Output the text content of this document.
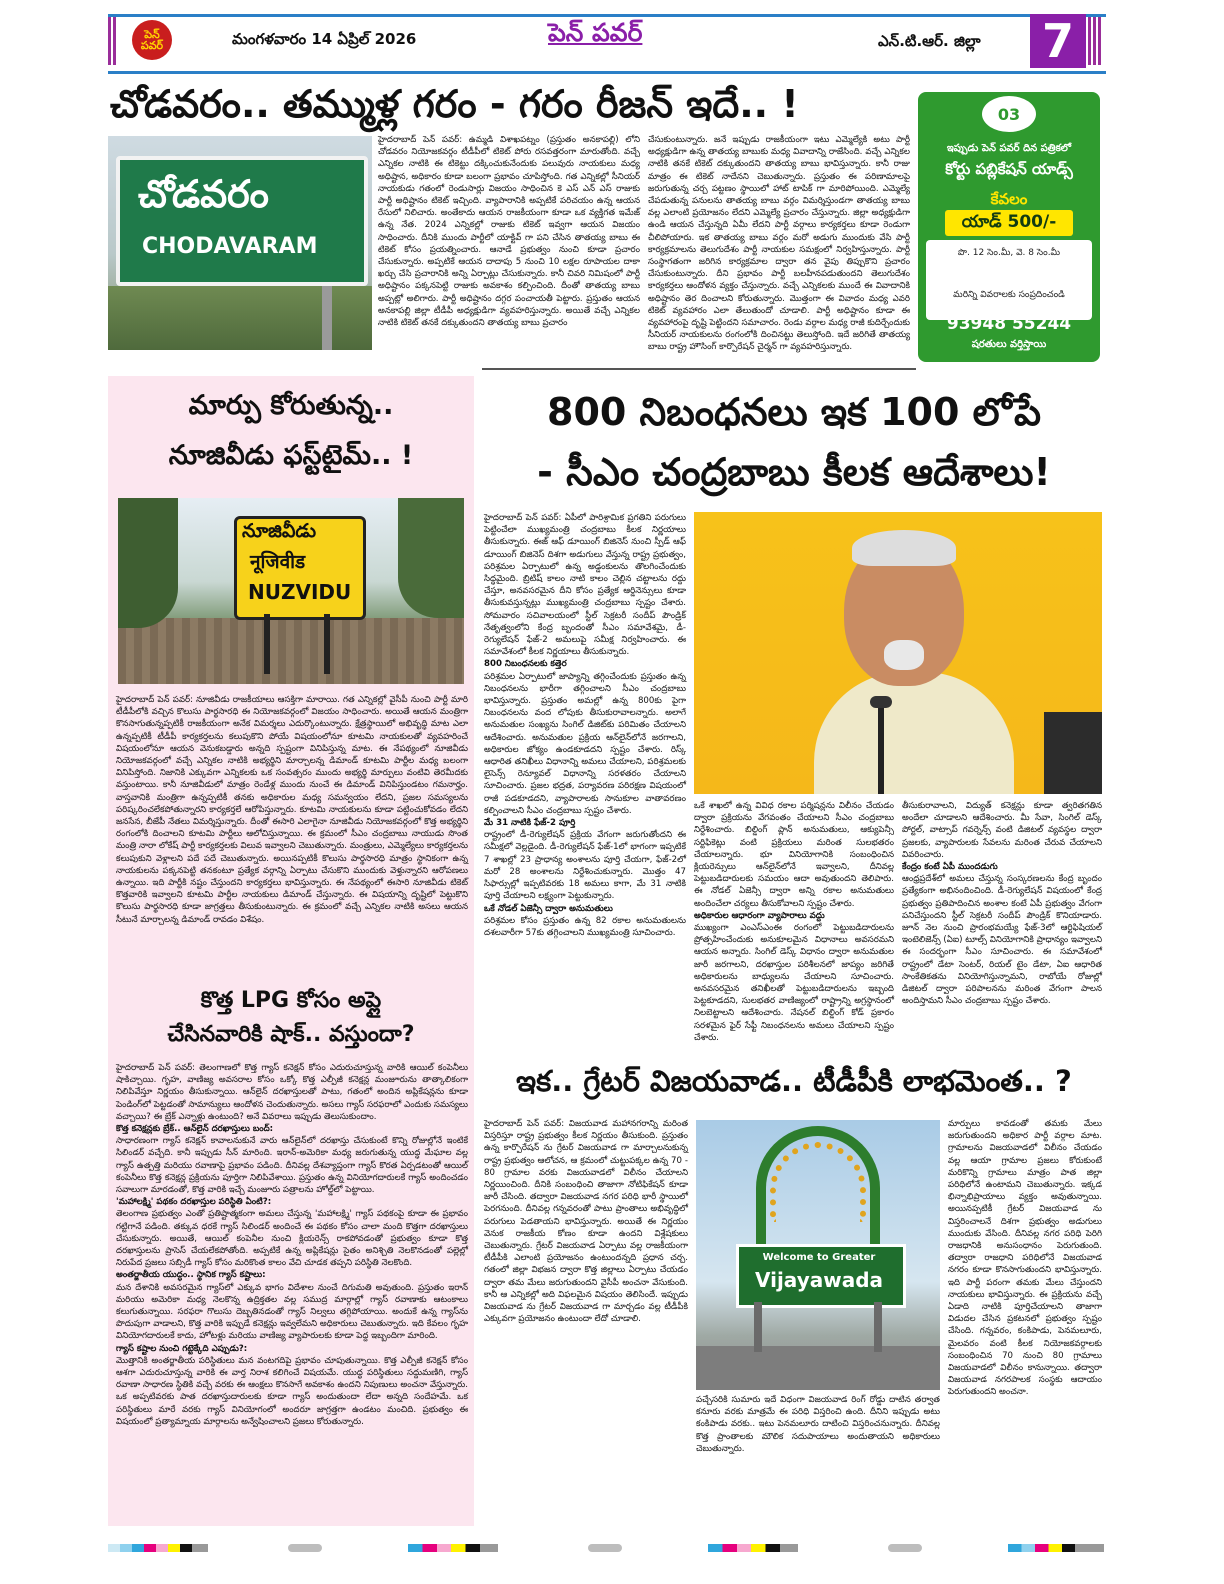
పెన్ పవర్	మంగళవారం 14 ఏప్రిల్ 2026	పెన్ పవర్	ఎన్.టి.ఆర్. జిల్లా 7
చోడవరం.. తమ్ముళ్ల గరం - గరం రీజన్ ఇదే.. !
చోడవరం
CHODAVARAM
హైదరాబాద్ పెన్ పవర్: ఉమ్మడి విశాఖపట్నం (ప్రస్తుతం అనకాపల్లి) లోని చోడవరం నియోజకవర్గం టీడీపీలో టికెట్ పోరు రసవత్తరంగా మారుతోంది. వచ్చే ఎన్నికల నాటికి ఈ టికెట్టు దక్కించుకునేందుకు పలువురు నాయకులు మధ్య అధిష్టాన, అధికారం కూడా బలంగా ప్రభావం చూపిస్తోంది. గత ఎన్నికల్లో సీనియర్ నాయకుడు గతంలో రెండుసార్లు విజయం సాధించిన కె ఎస్ ఎన్ ఎస్ రాజుకు పార్టీ అధిష్టానం టికెట్ ఇచ్చింది. వ్యాపారానికి అప్పటికే పరిచయం ఉన్న ఆయన రేసులో నిలిచారు. అంతేకాదు ఆయన రాజకీయంగా కూడా ఒక వ్యక్తిగత ఇమేజ్ ఉన్న నేత. 2024 ఎన్నికల్లో రాజుకు టికెట్ ఇవ్వగా ఆయన విజయం సాధించారు. దీనికి ముందు పార్టీలో యాక్టివ్ గా పని చేసిన తాతయ్య బాబు ఈ టికెట్ కోసం ప్రయత్నించారు. ఆనాడే ప్రభుత్వం నుంచి కూడా ప్రచారం చేసుకున్నారు. అప్పటికే ఆయన దాదాపు 5 నుంచి 10 లక్షల రూపాయల దాకా ఖర్చు చేసి ప్రచారానికి అన్ని ఏర్పాట్లు చేసుకున్నారు. కానీ చివరి నిమిషంలో పార్టీ అధిష్టానం పక్కనపెట్టి రాజుకు అవకాశం కల్పించింది. దీంతో తాతయ్య బాబు అప్పట్లో అలిగారు. పార్టీ అధిష్టానం దగ్గర పంచాయతీ పెట్టారు. ప్రస్తుతం ఆయన అనకాపల్లి జిల్లా టీడీపీ అధ్యక్షుడిగా వ్యవహరిస్తున్నారు. అయితే వచ్చే ఎన్నికల నాటికి టికెట్ తనకే దక్కుతుందని తాతయ్య బాబు ప్రచారం
చేసుకుంటున్నారు. జనే ఇప్పుడు రాజకీయంగా ఇటు ఎమ్మెల్యేకి అటు పార్టీ అధ్యక్షుడిగా ఉన్న తాతయ్య బాబుకు మధ్య వివాదాన్ని రాజేసింది. వచ్చే ఎన్నికల నాటికి తనకే టికెట్ దక్కుతుందని తాతయ్య బాబు భావిస్తున్నారు. కానీ రాజు మాత్రం ఈ టికెట్ నాదేనని చెబుతున్నారు. ప్రస్తుతం ఈ పరిణామాలపై జరుగుతున్న చర్చ పట్టణం స్థాయిలో హాట్ టాపిక్ గా మారిపోయింది. ఎమ్మెల్యే చేపడుతున్న పనులను తాతయ్య బాబు వర్గం విమర్శిస్తుండగా తాతయ్య బాబు వల్ల ఎలాంటి ప్రయోజనం లేదని ఎమ్మెల్యే ప్రచారం చేస్తున్నారు. జిల్లా అధ్యక్షుడిగా ఉండి ఆయన చేస్తున్నది ఏమీ లేదని పార్టీ వర్గాలు కార్యకర్తలు కూడా రెండుగా చీలిపోయారు. ఇక తాతయ్య బాబు వర్గం మరో అడుగు ముందుకు వేసి పార్టీ కార్యక్రమాలను తెలుగుదేశం పార్టీ నాయకుల సమక్షంలో నిర్వహిస్తున్నారు. పార్టీ సంస్థాగతంగా జరిగిన కార్యక్రమాల ద్వారా తన వైపు తిప్పుకొని ప్రచారం చేసుకుంటున్నారు. దీని ప్రభావం పార్టీ బలహీనపడుతుందని తెలుగుదేశం కార్యకర్తలు ఆందోళన వ్యక్తం చేస్తున్నారు. వచ్చే ఎన్నికలకు ముందే ఈ వివాదానికి అధిష్టానం తెర దించాలని కోరుతున్నారు. మొత్తంగా ఈ వివాదం మధ్య ఎవరి టికెట్ వ్యవహారం ఎలా తేలుతుందో చూడాలి. పార్టీ అధిష్టానం కూడా ఈ వ్యవహారంపై దృష్టి పెట్టిందని సమాచారం. రెండు వర్గాల మధ్య రాజీ కుదిర్చేందుకు సీనియర్ నాయకులను రంగంలోకి దించినట్టు తెలుస్తోంది. ఇదే జరిగితే తాతయ్య బాబు రాష్ట్ర హౌసింగ్ కార్పొరేషన్ చైర్మన్ గా వ్యవహరిస్తున్నారు.
03
ఇప్పుడు పెన్ పవర్ దిన పత్రికలో
కోర్టు పబ్లికేషన్ యాడ్స్
కేవలం
యాడ్ 500/-
పొ. 12 సెం.మీ, వె. 8 సెం.మీ
మరిన్ని వివరాలకు సంప్రదించండి
93948 55244
షరతులు వర్తిస్తాయి
మార్పు కోరుతున్న..
నూజివీడు ఫస్ట్‌టైమ్.. !
నూజివీడు
नूजिवीड
NUZVIDU
హైదరాబాద్ పెన్ పవర్: నూజివీడు రాజకీయాలు ఆసక్తిగా మారాయి. గత ఎన్నికల్లో వైసీపీ నుంచి పార్టీ మారి టీడీపీలోకి వచ్చిన కొలుసు పార్థసారధి ఈ నియోజకవర్గంలో విజయం సాధించారు. అయితే ఆయన మంత్రిగా కొనసాగుతున్నప్పటికీ రాజకీయంగా అనేక విమర్శలు ఎదుర్కొంటున్నారు. క్షేత్రస్థాయిలో అభివృద్ధి మాట ఎలా ఉన్నప్పటికీ టీడీపీ కార్యకర్తలను కలుపుకొని పోయే విషయంలోనూ కూటమి నాయకులతో వ్యవహరించే విషయంలోనూ ఆయన వెనుకబడ్డారు అన్నది స్పష్టంగా వినిపిస్తున్న మాట. ఈ నేపథ్యంలో నూజివీడు నియోజకవర్గంలో వచ్చే ఎన్నికల నాటికి అభ్యర్థిని మార్చాలన్న డిమాండ్ కూటమి పార్టీల మధ్య బలంగా వినిపిస్తోంది. నిజానికి ఎక్కువగా ఎన్నికలకు ఒక సంవత్సరం ముందు అభ్యర్థి మార్పులు వంటివి తెరమీదకు వస్తుంటాయి. కానీ నూజివీడులో మాత్రం రెండేళ్ల ముందు నుంచే ఈ డిమాండ్ వినిపిస్తుండటం గమనార్హం. వాస్తవానికి మంత్రిగా ఉన్నప్పటికీ తనకు అధికారుల మధ్య సమన్వయం లేదని, ప్రజల సమస్యలను పరిష్కరించలేకపోతున్నారని కార్యకర్తలే ఆరోపిస్తున్నారు. కూటమి నాయకులను కూడా పట్టించుకోవడం లేదని జనసేన, బీజేపీ నేతలు విమర్శిస్తున్నారు. దీంతో ఈసారి ఎలాగైనా నూజివీడు నియోజకవర్గంలో కొత్త అభ్యర్థిని రంగంలోకి దించాలని కూటమి పార్టీలు ఆలోచిస్తున్నాయి. ఈ క్రమంలో సీఎం చంద్రబాబు నాయుడు సొంత మంత్రి నారా లోకేష్ పార్టీ కార్యకర్తలకు విలువ ఇవ్వాలని చెబుతున్నారు. మంత్రులు, ఎమ్మెల్యేలు కార్యకర్తలను కలుపుకుని వెళ్లాలని పదే పదే చెబుతున్నారు. అయినప్పటికీ కొలుసు పార్థసారధి మాత్రం స్థానికంగా ఉన్న నాయకులను పక్కనపెట్టి తనకంటూ ప్రత్యేక వర్గాన్ని ఏర్పాటు చేసుకొని ముందుకు వెళ్తున్నారని ఆరోపణలు ఉన్నాయి. ఇది పార్టీకి నష్టం చేస్తుందని కార్యకర్తలు భావిస్తున్నారు. ఈ నేపథ్యంలో ఈసారి నూజివీడు టికెట్ కొత్తవారికి ఇవ్వాలని కూటమి పార్టీల నాయకులు డిమాండ్ చేస్తున్నారు. ఈ విషయాన్ని దృష్టిలో పెట్టుకొని కొలుసు పార్థసారధి కూడా జాగ్రత్తలు తీసుకుంటున్నారు. ఈ క్రమంలో వచ్చే ఎన్నికల నాటికి అసలు ఆయన సీటునే మార్చాలన్న డిమాండ్ రావడం విశేషం.
కొత్త LPG కోసం అప్లై
చేసినవారికి షాక్.. వస్తుందా?
హైదరాబాద్ పెన్ పవర్: తెలంగాణలో కొత్త గ్యాస్ కనెక్షన్ కోసం ఎదురుచూస్తున్న వారికి ఆయిల్ కంపెనీలు షాకిచ్చాయి. గృహ, వాణిజ్య అవసరాల కోసం ఒక్కో కొత్త ఎల్పీజీ కనెక్షన్ల మంజూరును తాత్కాలికంగా నిలిపివేస్తూ నిర్ణయం తీసుకున్నాయి. ఆన్‌లైన్ దరఖాస్తులతో పాటు, గతంలో అందిన అప్లికేషన్లను కూడా పెండింగ్‌లో పెట్టడంతో సామాన్యులు ఆందోళన చెందుతున్నారు. అసలు గ్యాస్ సరఫరాలో ఎందుకు సమస్యలు వచ్చాయి? ఈ బ్రేక్ ఎన్నాళ్లు ఉంటుంది? అనే వివరాలు ఇప్పుడు తెలుసుకుందాం.
కొత్త కనెక్షన్లకు బ్రేక్.. ఆన్‌లైన్ దరఖాస్తులు బంద్:
సాధారణంగా గ్యాస్ కనెక్షన్ కావాలనుకునే వారు ఆన్‌లైన్‌లో దరఖాస్తు చేసుకుంటే కొన్ని రోజుల్లోనే ఇంటికే సిలిండర్ వచ్చేది. కానీ ఇప్పుడు సీన్ మారింది. ఇరాన్-అమెరికా మధ్య జరుగుతున్న యుద్ధ మేఘాల వల్ల గ్యాస్ ఉత్పత్తి మరియు రవాణాపై ప్రభావం పడింది. దీనివల్ల దేశవ్యాప్తంగా గ్యాస్ కొరత ఏర్పడటంతో ఆయిల్ కంపెనీలు కొత్త కనెక్షన్ల ప్రక్రియను పూర్తిగా నిలిపివేశాయి. ప్రస్తుతం ఉన్న వినియోగదారులకే గ్యాస్ అందించడం సవాలుగా మారడంతో, కొత్త వారికి ఇచ్చే మంజూరు పత్రాలను హోల్డ్‌లో పెట్టాయి.
'మహాలక్ష్మి' పథకం దరఖాస్తుల పరిస్థితి ఏంటి?:
తెలంగాణ ప్రభుత్వం ఎంతో ప్రతిష్టాత్మకంగా అమలు చేస్తున్న 'మహాలక్ష్మి' గ్యాస్ పథకంపై కూడా ఈ ప్రభావం గట్టిగానే పడింది. తక్కువ ధరకే గ్యాస్ సిలిండర్ అందించే ఈ పథకం కోసం చాలా మంది కొత్తగా దరఖాస్తులు చేసుకున్నారు. అయితే, ఆయిల్ కంపెనీల నుంచి క్లియరెన్స్ రాకపోవడంతో ప్రభుత్వం కూడా కొత్త దరఖాస్తులను ప్రాసెస్ చేయలేకపోతోంది. అప్పటికే ఉన్న అప్లికేషన్లు సైతం అనిశ్చితి నెలకొనడంతో పల్లెల్లో నిరుపేద ప్రజలు సబ్సిడీ గ్యాస్ కోసం మరికొంత కాలం వేచి చూడక తప్పని పరిస్థితి నెలకొంది.
అంతర్జాతీయ యుద్ధం.. స్థానిక గ్యాస్ కష్టాలు:
మన దేశానికి అవసరమైన గ్యాస్‌లో ఎక్కువ భాగం విదేశాల నుంచే దిగుమతి అవుతుంది. ప్రస్తుతం ఇరాన్ మరియు అమెరికా మధ్య నెలకొన్న ఉద్రిక్తతల వల్ల సముద్ర మార్గాల్లో గ్యాస్ రవాణాకు ఆటంకాలు కలుగుతున్నాయి. సరఫరా గొలుసు దెబ్బతినడంతో గ్యాస్ నిల్వలు తగ్గిపోయాయి. అందుకే ఉన్న గ్యాస్‌ను పొదుపుగా వాడాలని, కొత్త వారికి ఇప్పుడే కనెక్షన్లు ఇవ్వలేమని అధికారులు చెబుతున్నారు. ఇది కేవలం గృహ వినియోగదారులకే కాదు, హోటళ్లు మరియు వాణిజ్య వ్యాపారులకు కూడా పెద్ద ఇబ్బందిగా మారింది.
గ్యాస్ కష్టాల నుంచి గట్టెక్కేది ఎప్పుడు?:
మొత్తానికి అంతర్జాతీయ పరిస్థితులు మన వంటగదిపై ప్రభావం చూపుతున్నాయి. కొత్త ఎల్పీజీ కనెక్షన్ కోసం ఆశగా ఎదురుచూస్తున్న వారికి ఈ వార్త నిరాశ కలిగించే విషయమే. యుద్ధ పరిస్థితులు సద్దుమణిగి, గ్యాస్ రవాణా సాధారణ స్థితికి వచ్చే వరకు ఈ ఆంక్షలు కొనసాగే అవకాశం ఉందని నిపుణులు అంచనా వేస్తున్నారు. ఒక అప్పటివరకు పాత దరఖాస్తుదారులకు కూడా గ్యాస్ అందుతుందా లేదా అన్నది సందేహమే. ఒక పరిస్థితులు మారే వరకు గ్యాస్ వినియోగంలో అందరూ జాగ్రత్తగా ఉండటం మంచిది. ప్రభుత్వం ఈ విషయంలో ప్రత్యామ్నాయ మార్గాలను అన్వేషించాలని ప్రజలు కోరుతున్నారు.
800 నిబంధనలు ఇక 100 లోపే
- సీఎం చంద్రబాబు కీలక ఆదేశాలు!
హైదరాబాద్ పెన్ పవర్: ఏపీలో పారిశ్రామిక ప్రగతిని పరుగులు పెట్టించేలా ముఖ్యమంత్రి చంద్రబాబు కీలక నిర్ణయాలు తీసుకున్నారు. ఈజ్ ఆఫ్ డూయింగ్ బిజినెస్ నుంచి స్పీడ్ ఆఫ్ డూయింగ్ బిజినెస్ దిశగా అడుగులు వేస్తున్న రాష్ట్ర ప్రభుత్వం, పరిశ్రమల ఏర్పాటులో ఉన్న అడ్డంకులను తొలగించేందుకు సిద్ధమైంది. బ్రిటిష్ కాలం నాటి కాలం చెల్లిన చట్టాలను రద్దు చేస్తూ, అనవసరమైన దీని కోసం ప్రత్యేక ఆర్డినెన్సులు కూడా తీసుకువస్తున్నట్లు ముఖ్యమంత్రి చంద్రబాబు స్పష్టం చేశారు. సోమవారం సచివాలయంలో స్టీల్ సెక్రటరీ సందీప్ పౌండ్రిక్ నేతృత్వంలోని కేంద్ర బృందంతో సీఎం సమావేశమై, డీ-రెగ్యులేషన్ ఫేజ్-2 అమలుపై సమీక్ష నిర్వహించారు. ఈ సమావేశంలో కీలక నిర్ణయాలు తీసుకున్నారు.
800 నిబంధనలకు కత్తెర
పరిశ్రమల ఏర్పాటులో జాప్యాన్ని తగ్గించేందుకు ప్రస్తుతం ఉన్న నిబంధనలను భారీగా తగ్గించాలని సీఎం చంద్రబాబు భావిస్తున్నారు. ప్రస్తుతం అమల్లో ఉన్న 800కు పైగా నిబంధనలను వంద లోపుకు తీసుకురావాలన్నారు. అలాగే అనుమతుల సంఖ్యను సింగిల్ డిజిట్‌కు పరిమితం చేయాలని ఆదేశించారు. అనుమతుల ప్రక్రియ ఆన్‌లైన్‌లోనే జరగాలని, అధికారుల జోక్యం ఉండకూడదని స్పష్టం చేశారు. రిస్క్ ఆధారిత తనిఖీలు విధానాన్ని అమలు చేయాలని, పరిశ్రమలకు లైసెన్స్ రెన్యూవల్ విధానాన్ని సరళతరం చేయాలని సూచించారు. ప్రజల భద్రత, పర్యావరణ పరిరక్షణ విషయంలో రాజీ పడకూడదని, వ్యాపారాలకు సానుకూల వాతావరణం కల్పించాలని సీఎం చంద్రబాబు స్పష్టం చేశారు.
మే 31 నాటికి ఫేజ్-2 పూర్తి
రాష్ట్రంలో డీ-రెగ్యులేషన్ ప్రక్రియ వేగంగా జరుగుతోందని ఈ సమీక్షలో వెల్లడైంది. డీ-రెగ్యులేషన్ ఫేజ్-1లో భాగంగా ఇప్పటికే 7 శాఖల్లో 23 ప్రాధాన్య అంశాలను పూర్తి చేయగా, ఫేజ్-2లో మరో 28 అంశాలను నిర్దేశించుకున్నారు. మొత్తం 47 సిఫార్సుల్లో ఇప్పటివరకు 18 అమలు కాగా, మే 31 నాటికి పూర్తి చేయాలని లక్ష్యంగా పెట్టుకున్నారు.
ఒకే నోడల్ ఏజెన్సీ ద్వారా అనుమతులు
పరిశ్రమల కోసం ప్రస్తుతం ఉన్న 82 రకాల అనుమతులను దశలవారీగా 57కు తగ్గించాలని ముఖ్యమంత్రి సూచించారు.
ఒకే శాఖలో ఉన్న వివిధ రకాల పర్మిషన్లను విలీనం చేయడం ద్వారా ప్రక్రియను వేగవంతం చేయాలని సీఎం చంద్రబాబు నిర్దేశించారు. బిల్డింగ్ ప్లాన్ అనుమతులు, ఆక్యుపెన్సీ సర్టిఫికెట్లు వంటి ప్రక్రియలు మరింత సులభతరం చేయాలన్నారు. భూ వినియోగానికి సంబంధించిన క్లియరెన్సులు ఆన్‌లైన్‌లోనే ఇవ్వాలని, దీనివల్ల పెట్టుబడిదారులకు సమయం ఆదా అవుతుందని తెలిపారు. ఈ నోడల్ ఏజెన్సీ ద్వారా అన్ని రకాల అనుమతులు అందించేలా చర్యలు తీసుకోవాలని స్పష్టం చేశారు.
అధికారుల ఆధారంగా వ్యాపారాలు వద్దు
ముఖ్యంగా ఎంఎస్ఎంఈ రంగంలో పెట్టుబడిదారులను ప్రోత్సహించేందుకు అనుకూలమైన విధానాలు అవసరమని ఆయన అన్నారు. సింగిల్ డెస్క్ విధానం ద్వారా అనుమతుల జారీ జరగాలని, దరఖాస్తుల పరిశీలనలో జాప్యం జరిగితే అధికారులను బాధ్యులను చేయాలని సూచించారు. అనవసరమైన తనిఖీలతో పెట్టుబడిదారులను ఇబ్బంది పెట్టకూడదని, సులభతర వాణిజ్యంలో రాష్ట్రాన్ని అగ్రస్థానంలో నిలబెట్టాలని ఆదేశించారు. నేషనల్ బిల్డింగ్ కోడ్ ప్రకారం సరళమైన ఫైర్ సేఫ్టీ నిబంధనలను అమలు చేయాలని స్పష్టం చేశారు.
తీసుకురావాలని, విద్యుత్ కనెక్షన్లు కూడా త్వరితగతిన అందేలా చూడాలని ఆదేశించారు. మీ సేవా, సింగిల్ డెస్క్ పోర్టల్, వాట్సాప్ గవర్నెన్స్ వంటి డిజిటల్ వ్యవస్థల ద్వారా ప్రజలకు, వ్యాపారులకు సేవలను మరింత చేరువ చేయాలని వివరించారు.
కేంద్రం కంటే ఏపీ ముందడుగు
ఆంధ్రప్రదేశ్‌లో అమలు చేస్తున్న సంస్కరణలను కేంద్ర బృందం ప్రత్యేకంగా అభినందించింది. డీ-రెగ్యులేషన్ విషయంలో కేంద్ర ప్రభుత్వం ప్రతిపాదించిన అంశాల కంటే ఏపీ ప్రభుత్వం వేగంగా పనిచేస్తుందని స్టీల్ సెక్రటరీ సందీప్ పౌండ్రిక్ కొనియాడారు. జూన్ నెల నుంచి ప్రారంభమయ్యే ఫేజ్-3లో ఆర్టిఫిషియల్ ఇంటెలిజెన్స్ (ఏఐ) టూల్స్ వినియోగానికి ప్రాధాన్యం ఇవ్వాలని ఈ సందర్భంగా సీఎం సూచించారు. ఈ సమావేశంలో రాష్ట్రంలో డేటా సెంటర్, రియల్ టైం డేటా, ఏఐ ఆధారిత సాంకేతికతను వినియోగిస్తున్నామని, రాబోయే రోజుల్లో డిజిటల్ ద్వారా పరిపాలనను మరింత వేగంగా పాలన అందిస్తామని సీఎం చంద్రబాబు స్పష్టం చేశారు.
ఇక.. గ్రేటర్ విజయవాడ.. టీడీపీకి లాభమెంత.. ?
హైదరాబాద్ పెన్ పవర్: విజయవాడ మహానగరాన్ని మరింత విస్తరిస్తూ రాష్ట్ర ప్రభుత్వం కీలక నిర్ణయం తీసుకుంది. ప్రస్తుతం ఉన్న కార్పొరేషన్ ను గ్రేటర్ విజయవాడ గా మార్చాలనుకున్న రాష్ట్ర ప్రభుత్వం ఆలోచన, ఆ క్రమంలో చుట్టుపక్కల ఉన్న 70 - 80 గ్రామాల వరకు విజయవాడలో విలీనం చేయాలని నిర్ణయించింది. దీనికి సంబంధించి తాజాగా నోటిఫికేషన్ కూడా జారీ చేసింది. తద్వారా విజయవాడ నగర పరిధి భారీ స్థాయిలో పెరగనుంది. దీనివల్ల గన్నవరంతో పాటు ప్రాంతాలు అభివృద్ధిలో పరుగులు పెడతాయని భావిస్తున్నారు. అయితే ఈ నిర్ణయం వెనుక రాజకీయ కోణం కూడా ఉందని విశ్లేషకులు చెబుతున్నారు. గ్రేటర్ విజయవాడ ఏర్పాటు వల్ల రాజకీయంగా టీడీపీకి ఎలాంటి ప్రయోజనం ఉంటుందన్నది ప్రధాన చర్చ. గతంలో జిల్లా విభజన ద్వారా కొత్త జిల్లాలు ఏర్పాటు చేయడం ద్వారా తమ మేలు జరుగుతుందని వైసీపీ అంచనా వేసుకుంది. కానీ ఆ ఎన్నికల్లో అది విఫలమైన విషయం తెలిసిందే. ఇప్పుడు విజయవాడ ను గ్రేటర్ విజయవాడ గా మార్చడం వల్ల టీడీపీకి ఎక్కువగా ప్రయోజనం ఉంటుందా లేదో చూడాలి.
Welcome to Greater
Vijayawada
పచ్చేసరికి సుమారు ఇదే విధంగా విజయవాడ రింగ్ రోడ్డు దాటిన తర్వాత కనూరు వరకు మాత్రమే ఈ పరిధి విస్తరించి ఉంది. దీనిని ఇప్పుడు అటు కంకిపాడు వరకు.. ఇటు పెనమలూరు దాటించి విస్తరించనున్నారు. దీనివల్ల కొత్త ప్రాంతాలకు మౌలిక సదుపాయాలు అందుతాయని అధికారులు చెబుతున్నారు.
మార్పులు కావడంతో తమకు మేలు జరుగుతుందని అధికార పార్టీ వర్గాల మాట. గ్రామాలను విజయవాడలో విలీనం చేయడం వల్ల ఆయా గ్రామాల ప్రజలు కోరుకుంటే మరికొన్ని గ్రామాలు మాత్రం పాత జిల్లా పరిధిలోనే ఉంటామని చెబుతున్నారు. ఇక్కడ భిన్నాభిప్రాయాలు వ్యక్తం అవుతున్నాయి. అయినప్పటికీ గ్రేటర్ విజయవాడ ను విస్తరించాలనే దిశగా ప్రభుత్వం అడుగులు ముందుకు వేసింది. దీనివల్ల నగర పరిధి పెరిగి రాజధానికి అనుసంధానం పెరుగుతుంది. తద్వారా రాజధాని పరిధిలోనే విజయవాడ నగరం కూడా కొనసాగుతుందని భావిస్తున్నారు. ఇది పార్టీ పరంగా తమకు మేలు చేస్తుందని నాయకులు భావిస్తున్నారు. ఈ ప్రక్రియను వచ్చే ఏడాది నాటికి పూర్తిచేయాలని తాజాగా విడుదల చేసిన ప్రకటనలో ప్రభుత్వం స్పష్టం చేసింది. గన్నవరం, కంకిపాడు, పెనమలూరు, మైలవరం వంటి కీలక నియోజకవర్గాలకు సంబంధించిన 70 నుంచి 80 గ్రామాలు విజయవాడలో విలీనం కానున్నాయి. తద్వారా విజయవాడ నగరపాలక సంస్థకు ఆదాయం పెరుగుతుందని అంచనా.
